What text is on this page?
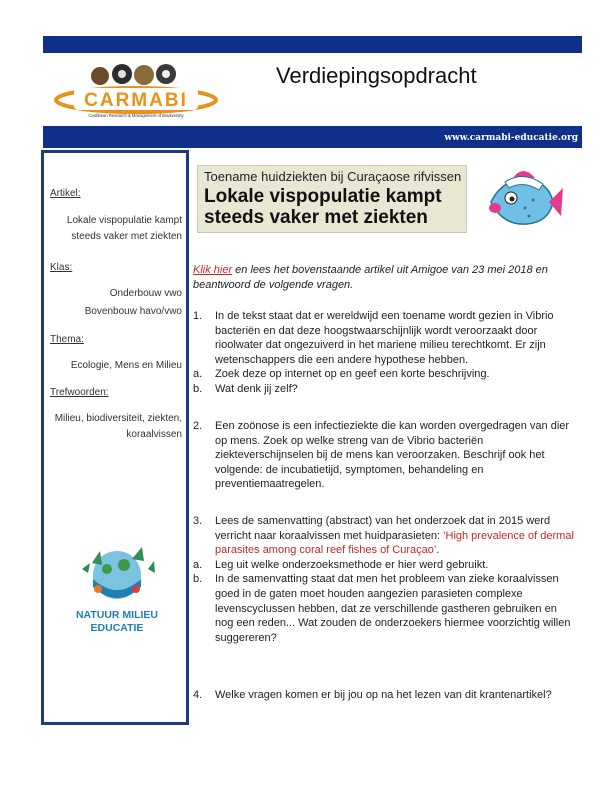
CARMABI
Caribbean Research & Management of Biodiversity
Verdiepingsopdracht
www.carmabi-educatie.org
Artikel:
Lokale vispopulatie kampt steeds vaker met ziekten
Klas:
Onderbouw vwo
Bovenbouw havo/vwo
Thema:
Ecologie, Mens en Milieu
Trefwoorden:
Milieu, biodiversiteit, ziekten, koraalvissen
NATUUR MILIEU
EDUCATIE
Toename huidziekten bij Curaçaose rifvissen
Lokale vispopulatie kampt
steeds vaker met ziekten
Klik hier en lees het bovenstaande artikel uit Amigoe van 23 mei 2018 en beantwoord de volgende vragen.
1. In de tekst staat dat er wereldwijd een toename wordt gezien in Vibrio bacteriën en dat deze hoogstwaarschijnlijk wordt veroorzaakt door rioolwater dat ongezuiverd in het mariene milieu terechtkomt. Er zijn wetenschappers die een andere hypothese hebben.
a. Zoek deze op internet op en geef een korte beschrijving.
b. Wat denk jij zelf?
2. Een zoönose is een infectieziekte die kan worden overgedragen van dier op mens. Zoek op welke streng van de Vibrio bacteriën ziekteverschijnselen bij de mens kan veroorzaken. Beschrijf ook het volgende: de incubatietijd, symptomen, behandeling en preventiemaatregelen.
3. Lees de samenvatting (abstract) van het onderzoek dat in 2015 werd verricht naar koraalvissen met huidparasieten: ‘High prevalence of dermal parasites among coral reef fishes of Curaçao’.
a. Leg uit welke onderzoeksmethode er hier werd gebruikt.
b. In de samenvatting staat dat men het probleem van zieke koraalvissen goed in de gaten moet houden aangezien parasieten complexe levenscyclussen hebben, dat ze verschillende gastheren gebruiken en nog een reden... Wat zouden de onderzoekers hiermee voorzichtig willen suggereren?
4. Welke vragen komen er bij jou op na het lezen van dit krantenartikel?
